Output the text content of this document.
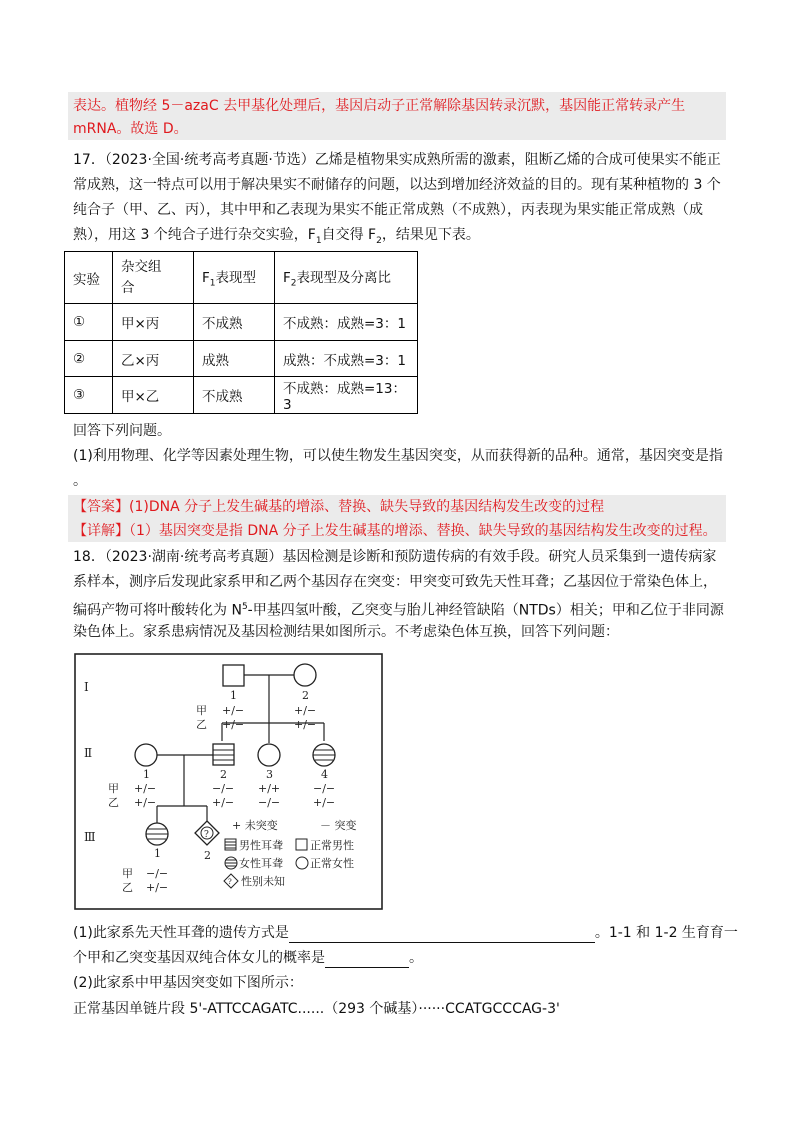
表达。植物经 5－azaC 去甲基化处理后，基因启动子正常解除基因转录沉默，基因能正常转录产生
mRNA。故选 D。
17．（2023·全国·统考高考真题·节选）乙烯是植物果实成熟所需的激素，阻断乙烯的合成可使果实不能正
常成熟，这一特点可以用于解决果实不耐储存的问题，以达到增加经济效益的目的。现有某种植物的 3 个
纯合子（甲、乙、丙），其中甲和乙表现为果实不能正常成熟（不成熟），丙表现为果实能正常成熟（成
熟），用这 3 个纯合子进行杂交实验，$F_1$自交得 $F_2$，结果见下表。
实验	杂交组
合	$F_1$表现型	$F_2$表现型及分离比
①	甲×丙	不成熟	不成熟：成熟=3：1
②	乙×丙	成熟	成熟：不成熟=3：1
③	甲×乙	不成熟	不成熟：成熟=13：3
回答下列问题。
(1)利用物理、化学等因素处理生物，可以使生物发生基因突变，从而获得新的品种。通常，基因突变是指
。
【答案】(1)DNA 分子上发生碱基的增添、替换、缺失导致的基因结构发生改变的过程
【详解】（1）基因突变是指 DNA 分子上发生碱基的增添、替换、缺失导致的基因结构发生改变的过程。
18．（2023·湖南·统考高考真题）基因检测是诊断和预防遗传病的有效手段。研究人员采集到一遗传病家
系样本，测序后发现此家系甲和乙两个基因存在突变：甲突变可致先天性耳聋；乙基因位于常染色体上，
编码产物可将叶酸转化为 $N^5-$甲基四氢叶酸，乙突变与胎儿神经管缺陷（NTDs）相关；甲和乙位于非同源
染色体上。家系患病情况及基因检测结果如图所示。不考虑染色体互换，回答下列问题：
Ⅰ
Ⅱ
Ⅲ	?
1
甲
乙
+/−
+/−
2
+/−
+/−
1
甲
乙
+/−
+/−
2
−/−
+/−
3
+/+
−/−
4
−/−
+/−
1	2
甲
乙
−/−
+/−
+ 未突变	－ 突变
男性耳聋 正常男性
女性耳聋 正常女性
? 性别未知
(1)此家系先天性耳聋的遗传方式是	。1-1 和 1-2 生育育一
个甲和乙突变基因双纯合体女儿的概率是	。
(2)此家系中甲基因突变如下图所示：
正常基因单链片段 5'-ATTCCAGATC......（293 个碱基）······CCATGCCCAG-3'
